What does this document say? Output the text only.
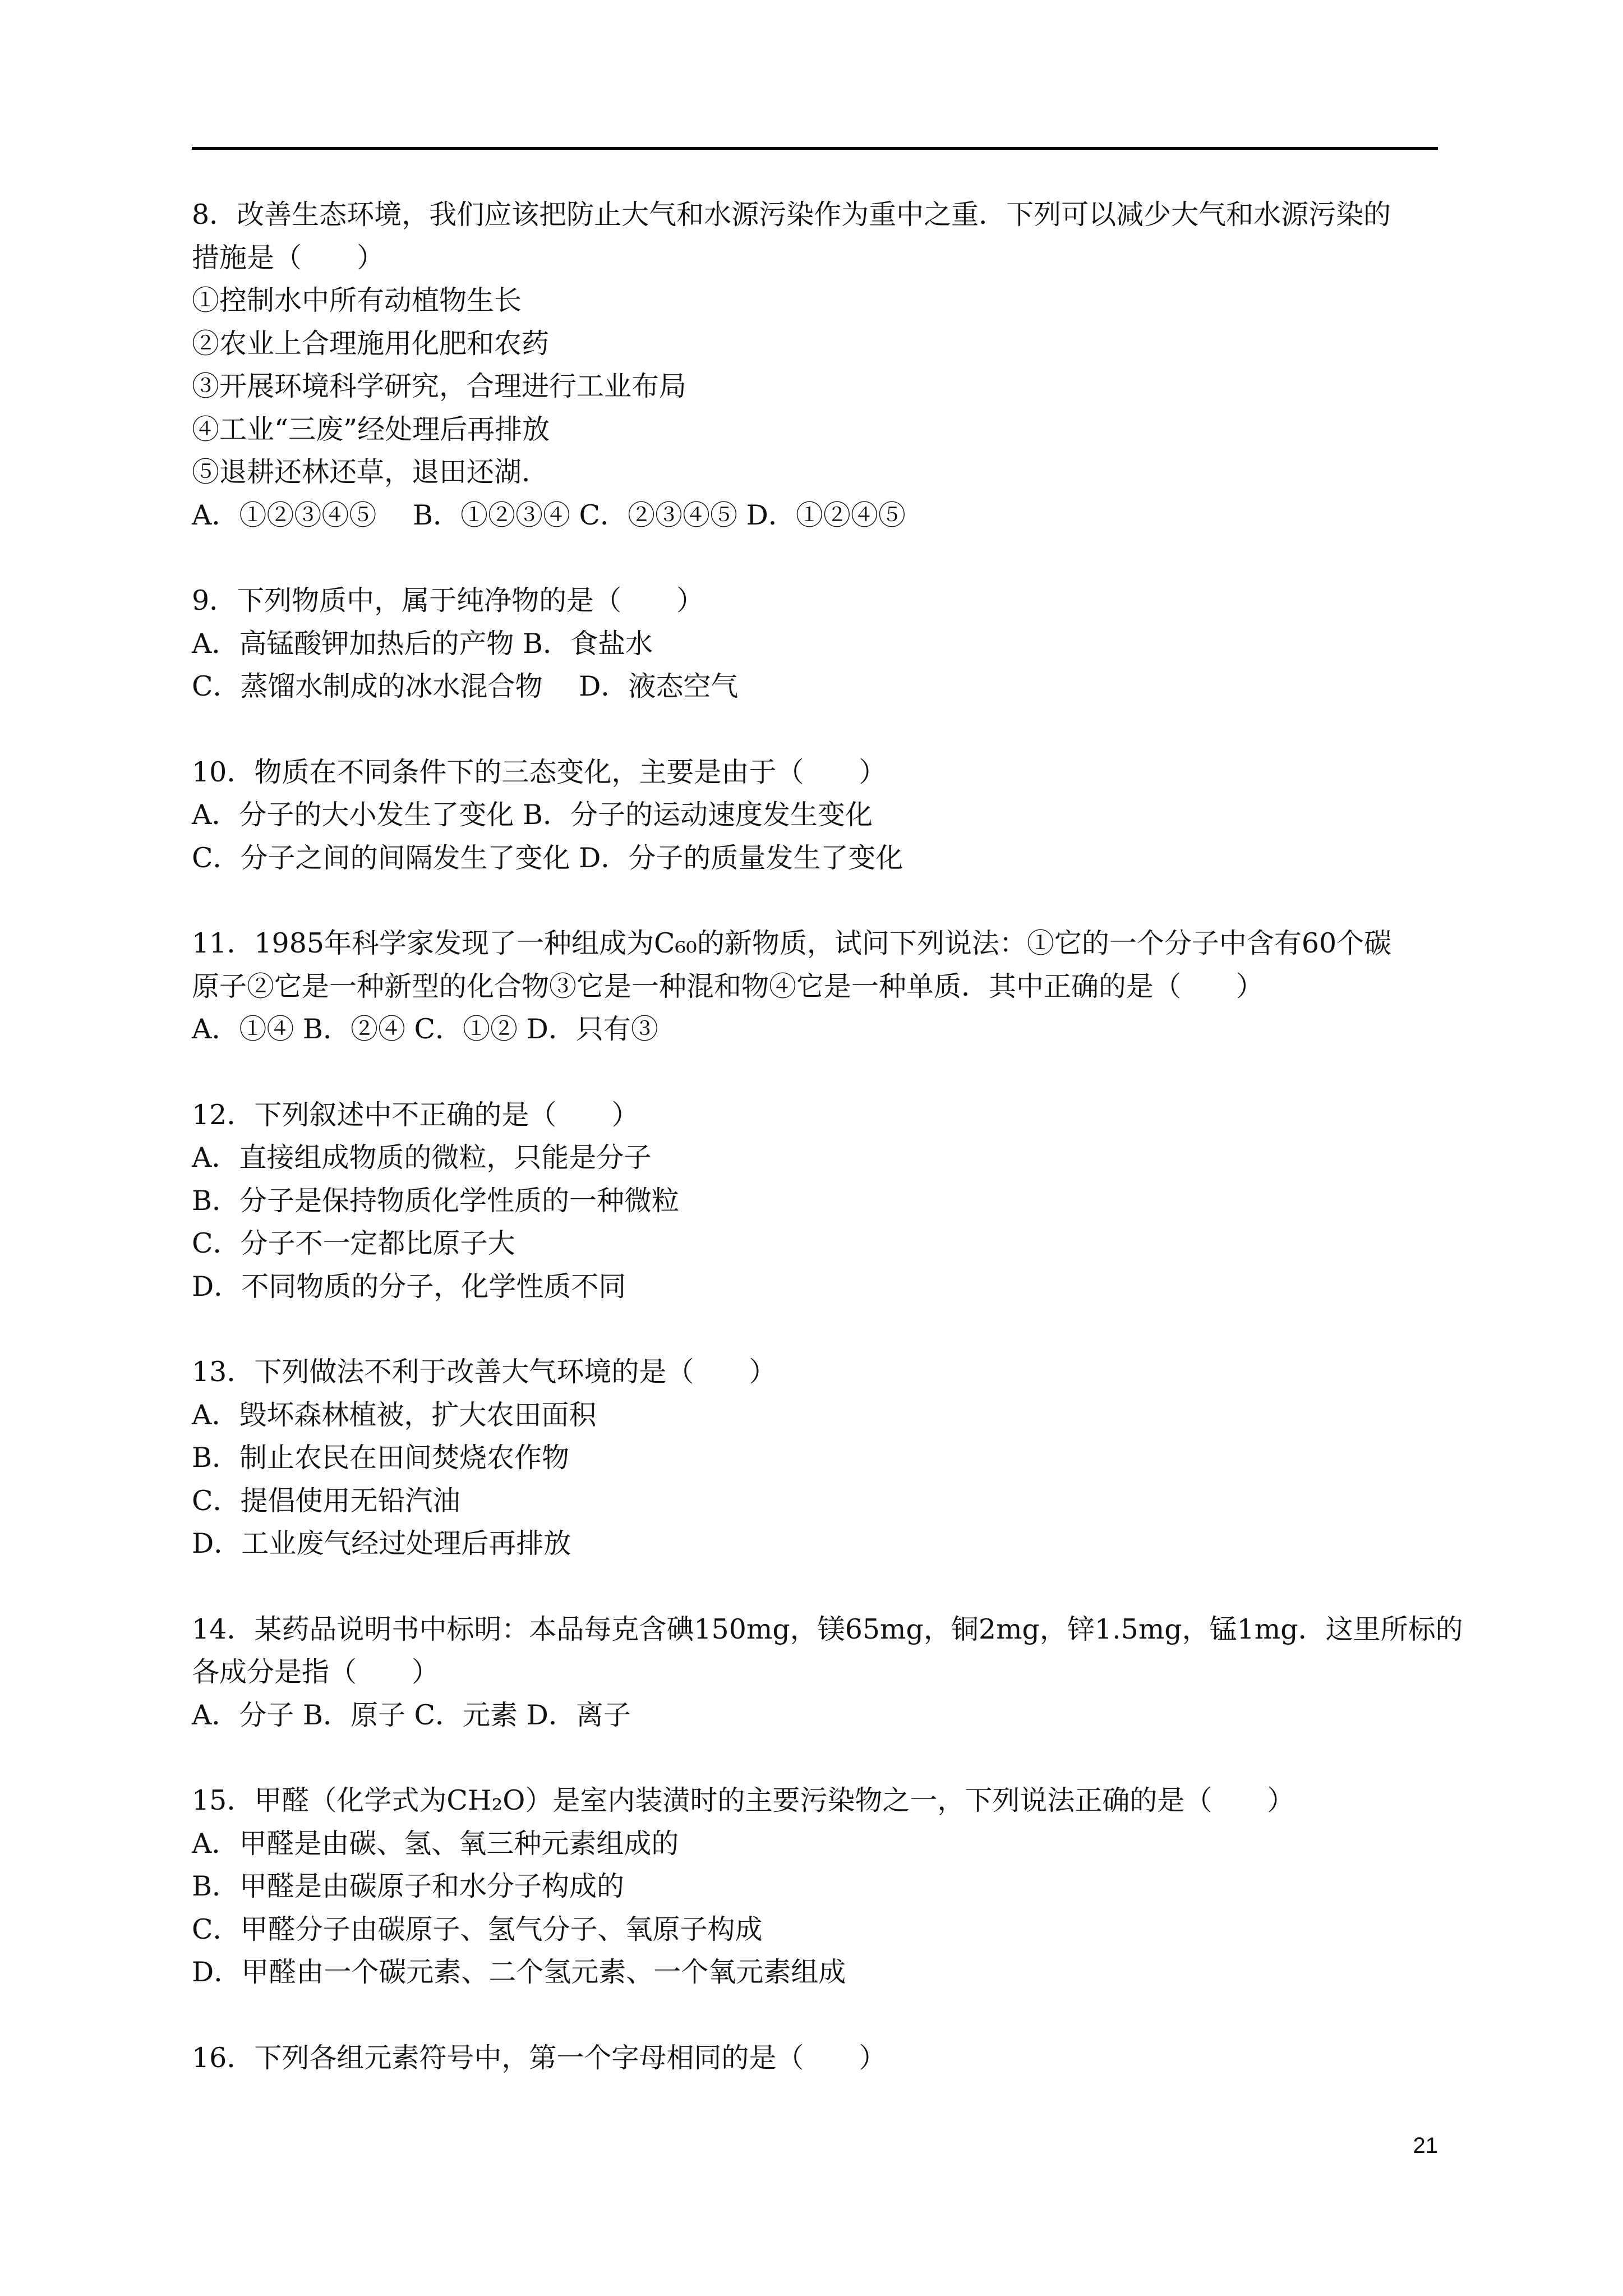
8．改善生态环境，我们应该把防止大气和水源污染作为重中之重．下列可以减少大气和水源污染的
措施是（　　）
①控制水中所有动植物生长
②农业上合理施用化肥和农药
③开展环境科学研究，合理进行工业布局
④工业“三废”经处理后再排放
⑤退耕还林还草，退田还湖．
A．①②③④⑤　 B．①②③④ C．②③④⑤ D．①②④⑤
9．下列物质中，属于纯净物的是（　　）
A．高锰酸钾加热后的产物 B．食盐水
C．蒸馏水制成的冰水混合物　 D．液态空气
10．物质在不同条件下的三态变化，主要是由于（　　）
A．分子的大小发生了变化 B．分子的运动速度发生变化
C．分子之间的间隔发生了变化 D．分子的质量发生了变化
11．1985年科学家发现了一种组成为C₆₀的新物质，试问下列说法：①它的一个分子中含有60个碳
原子②它是一种新型的化合物③它是一种混和物④它是一种单质．其中正确的是（　　）
A．①④ B．②④ C．①② D．只有③
12．下列叙述中不正确的是（　　）
A．直接组成物质的微粒，只能是分子
B．分子是保持物质化学性质的一种微粒
C．分子不一定都比原子大
D．不同物质的分子，化学性质不同
13．下列做法不利于改善大气环境的是（　　）
A．毁坏森林植被，扩大农田面积
B．制止农民在田间焚烧农作物
C．提倡使用无铅汽油
D．工业废气经过处理后再排放
14．某药品说明书中标明：本品每克含碘150mg，镁65mg，铜2mg，锌1.5mg，锰1mg．这里所标的
各成分是指（　　）
A．分子 B．原子 C．元素 D．离子
15．甲醛（化学式为CH₂O）是室内装潢时的主要污染物之一，下列说法正确的是（　　）
A．甲醛是由碳、氢、氧三种元素组成的
B．甲醛是由碳原子和水分子构成的
C．甲醛分子由碳原子、氢气分子、氧原子构成
D．甲醛由一个碳元素、二个氢元素、一个氧元素组成
16．下列各组元素符号中，第一个字母相同的是（　　）
21
